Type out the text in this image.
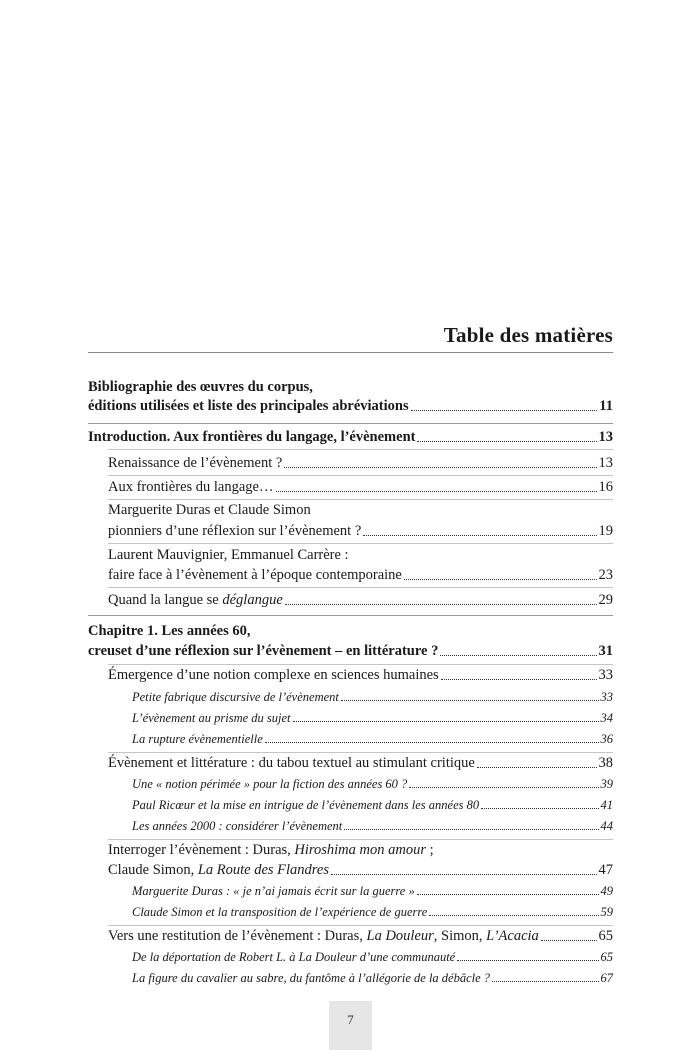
Table des matières
Bibliographie des œuvres du corpus,
éditions utilisées et liste des principales abréviations	11
Introduction. Aux frontières du langage, l’évènement	13
Renaissance de l’évènement ?	13
Aux frontières du langage…	16
Marguerite Duras et Claude Simon
pionniers d’une réflexion sur l’évènement ?	19
Laurent Mauvignier, Emmanuel Carrère :
faire face à l’évènement à l’époque contemporaine	23
Quand la langue se déglangue	29
Chapitre 1. Les années 60,
creuset d’une réflexion sur l’évènement – en littérature ?	31
Émergence d’une notion complexe en sciences humaines	33
Petite fabrique discursive de l’évènement	33
L’évènement au prisme du sujet	34
La rupture évènementielle	36
Évènement et littérature : du tabou textuel au stimulant critique	38
Une « notion périmée » pour la fiction des années 60 ?	39
Paul Ricœur et la mise en intrigue de l’évènement dans les années 80	41
Les années 2000 : considérer l’évènement	44
Interroger l’évènement : Duras, Hiroshima mon amour ;
Claude Simon, La Route des Flandres	47
Marguerite Duras : « je n’ai jamais écrit sur la guerre »	49
Claude Simon et la transposition de l’expérience de guerre	59
Vers une restitution de l’évènement : Duras, La Douleur, Simon, L’Acacia	65
De la déportation de Robert L. à La Douleur d’une communauté	65
La figure du cavalier au sabre, du fantôme à l’allégorie de la débâcle ?	67
7
